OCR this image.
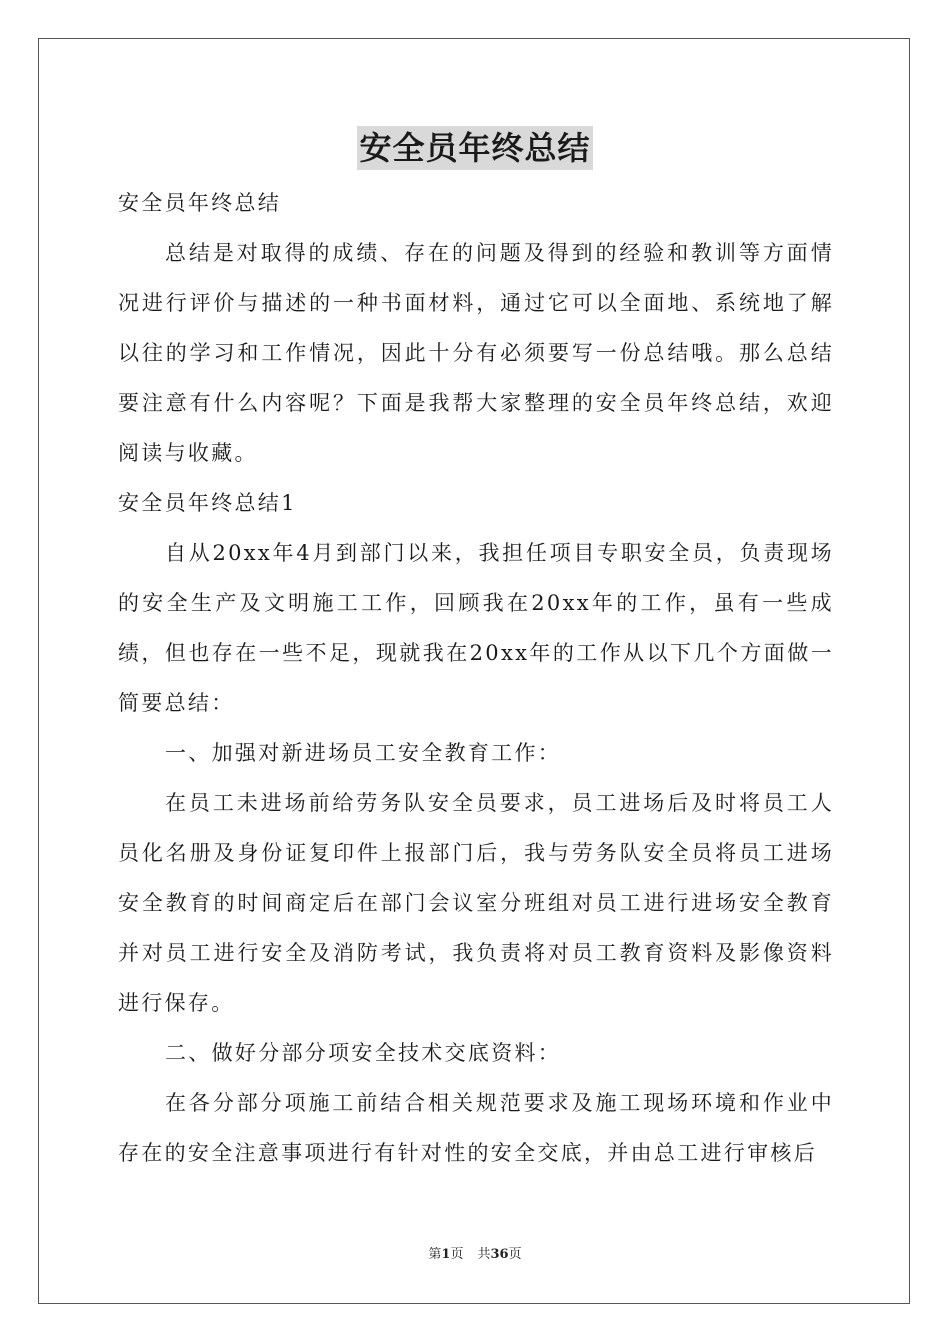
安全员年终总结

安全员年终总结

总结是对取得的成绩、存在的问题及得到的经验和教训等方面情况进行评价与描述的一种书面材料，通过它可以全面地、系统地了解以往的学习和工作情况，因此十分有必须要写一份总结哦。那么总结要注意有什么内容呢？下面是我帮大家整理的安全员年终总结，欢迎阅读与收藏。

安全员年终总结1

自从20xx年4月到部门以来，我担任项目专职安全员，负责现场的安全生产及文明施工工作，回顾我在20xx年的工作，虽有一些成绩，但也存在一些不足，现就我在20xx年的工作从以下几个方面做一简要总结：

一、加强对新进场员工安全教育工作：

在员工未进场前给劳务队安全员要求，员工进场后及时将员工人员化名册及身份证复印件上报部门后，我与劳务队安全员将员工进场安全教育的时间商定后在部门会议室分班组对员工进行进场安全教育并对员工进行安全及消防考试，我负责将对员工教育资料及影像资料进行保存。

二、做好分部分项安全技术交底资料：

在各分部分项施工前结合相关规范要求及施工现场环境和作业中存在的安全注意事项进行有针对性的安全交底，并由总工进行审核后

第1页 共36页
